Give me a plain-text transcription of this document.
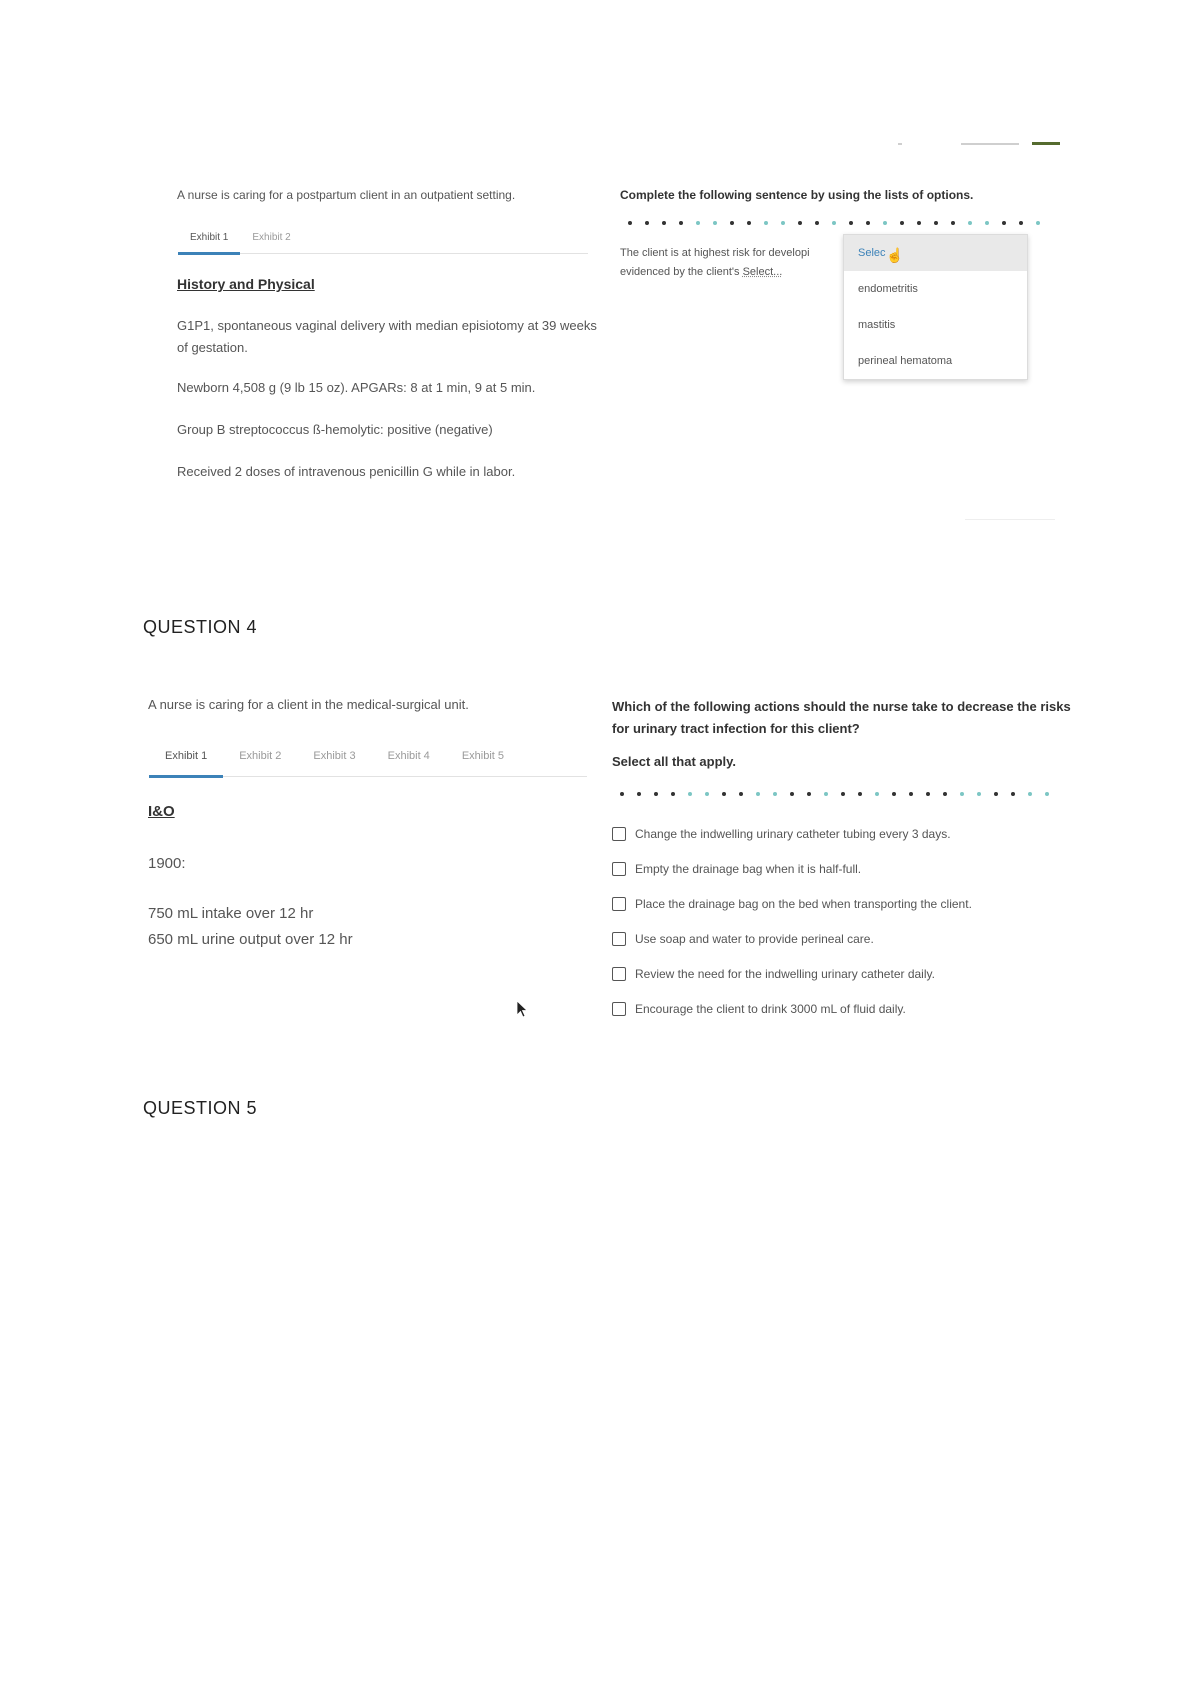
A nurse is caring for a postpartum client in an outpatient setting.
Exhibit 1	Exhibit 2
History and Physical
G1P1, spontaneous vaginal delivery with median episiotomy at 39 weeks of gestation.
Newborn 4,508 g (9 lb 15 oz). APGARs: 8 at 1 min, 9 at 5 min.
Group B streptococcus ß-hemolytic: positive (negative)
Received 2 doses of intravenous penicillin G while in labor.
Complete the following sentence by using the lists of options.
The client is at highest risk for developi
evidenced by the client's Select...
Selec ☝
endometritis
mastitis
perineal hematoma
QUESTION 4
A nurse is caring for a client in the medical-surgical unit.
Exhibit 1	Exhibit 2	Exhibit 3	Exhibit 4	Exhibit 5
I&O
1900:
750 mL intake over 12 hr
650 mL urine output over 12 hr
Which of the following actions should the nurse take to decrease the risks for urinary tract infection for this client?
Select all that apply.
Change the indwelling urinary catheter tubing every 3 days.
Empty the drainage bag when it is half-full.
Place the drainage bag on the bed when transporting the client.
Use soap and water to provide perineal care.
Review the need for the indwelling urinary catheter daily.
Encourage the client to drink 3000 mL of fluid daily.
QUESTION 5
